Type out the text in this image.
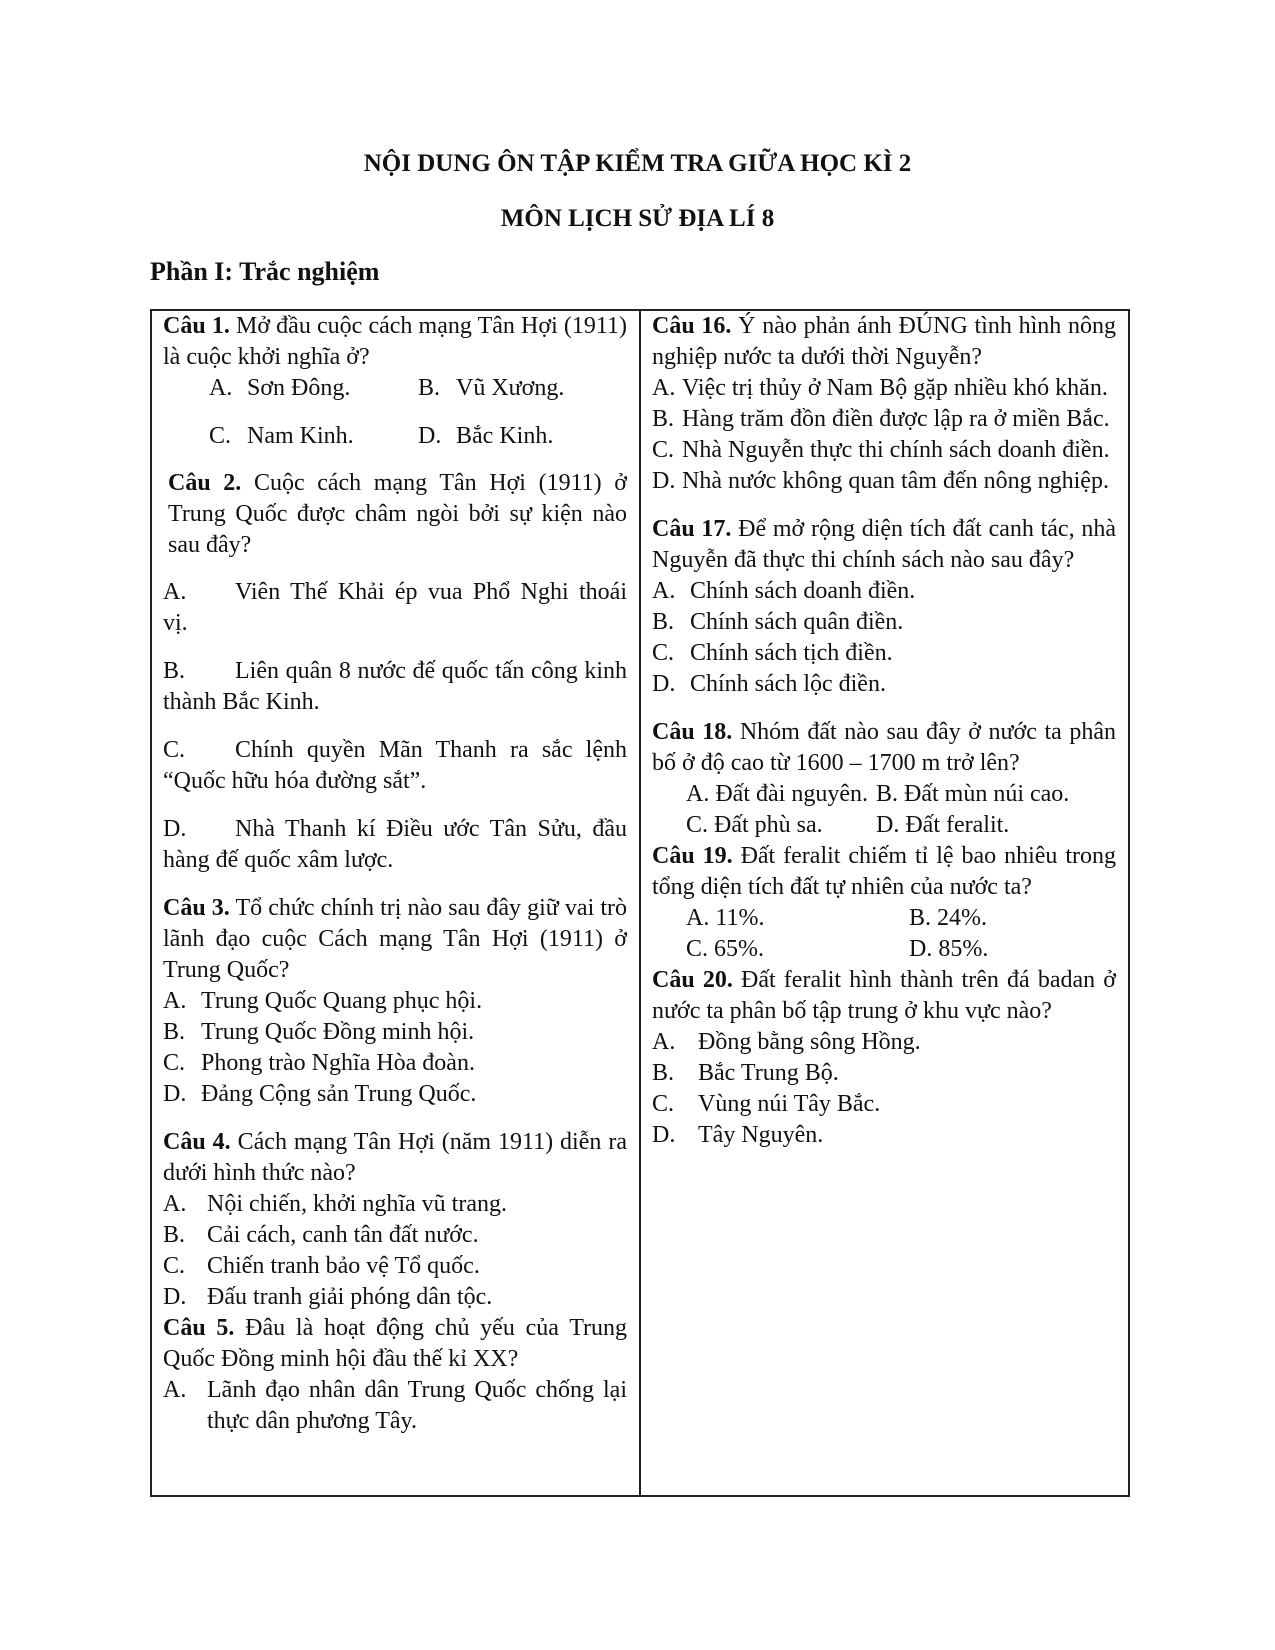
NỘI DUNG ÔN TẬP KIỂM TRA GIỮA HỌC KÌ 2
MÔN LỊCH SỬ ĐỊA LÍ 8
Phần I: Trắc nghiệm
Câu 1. Mở đầu cuộc cách mạng Tân Hợi (1911) là cuộc khởi nghĩa ở?
A. Sơn Đông.	B. Vũ Xương.
C. Nam Kinh.	D. Bắc Kinh.
Câu 2. Cuộc cách mạng Tân Hợi (1911) ở Trung Quốc được châm ngòi bởi sự kiện nào sau đây?
A. Viên Thế Khải ép vua Phổ Nghi thoái vị.
B. Liên quân 8 nước đế quốc tấn công kinh thành Bắc Kinh.
C. Chính quyền Mãn Thanh ra sắc lệnh “Quốc hữu hóa đường sắt”.
D. Nhà Thanh kí Điều ước Tân Sửu, đầu hàng đế quốc xâm lược.
Câu 3. Tổ chức chính trị nào sau đây giữ vai trò lãnh đạo cuộc Cách mạng Tân Hợi (1911) ở Trung Quốc?
A. Trung Quốc Quang phục hội.
B. Trung Quốc Đồng minh hội.
C. Phong trào Nghĩa Hòa đoàn.
D. Đảng Cộng sản Trung Quốc.
Câu 4. Cách mạng Tân Hợi (năm 1911) diễn ra dưới hình thức nào?
A. Nội chiến, khởi nghĩa vũ trang.
B. Cải cách, canh tân đất nước.
C. Chiến tranh bảo vệ Tổ quốc.
D. Đấu tranh giải phóng dân tộc.
Câu 5. Đâu là hoạt động chủ yếu của Trung Quốc Đồng minh hội đầu thế kỉ XX?
A. Lãnh đạo nhân dân Trung Quốc chống lại thực dân phương Tây.
Câu 16. Ý nào phản ánh ĐÚNG tình hình nông nghiệp nước ta dưới thời Nguyễn?
A. Việc trị thủy ở Nam Bộ gặp nhiều khó khăn.
B. Hàng trăm đồn điền được lập ra ở miền Bắc.
C. Nhà Nguyễn thực thi chính sách doanh điền.
D. Nhà nước không quan tâm đến nông nghiệp.
Câu 17. Để mở rộng diện tích đất canh tác, nhà Nguyễn đã thực thi chính sách nào sau đây?
A. Chính sách doanh điền.
B. Chính sách quân điền.
C. Chính sách tịch điền.
D. Chính sách lộc điền.
Câu 18. Nhóm đất nào sau đây ở nước ta phân bố ở độ cao từ 1600 – 1700 m trở lên?
A. Đất đài nguyên. B. Đất mùn núi cao.
C. Đất phù sa.	D. Đất feralit.
Câu 19. Đất feralit chiếm tỉ lệ bao nhiêu trong tổng diện tích đất tự nhiên của nước ta?
A. 11%.	B. 24%.
C. 65%.	D. 85%.
Câu 20. Đất feralit hình thành trên đá badan ở nước ta phân bố tập trung ở khu vực nào?
A. Đồng bằng sông Hồng.
B. Bắc Trung Bộ.
C. Vùng núi Tây Bắc.
D. Tây Nguyên.
